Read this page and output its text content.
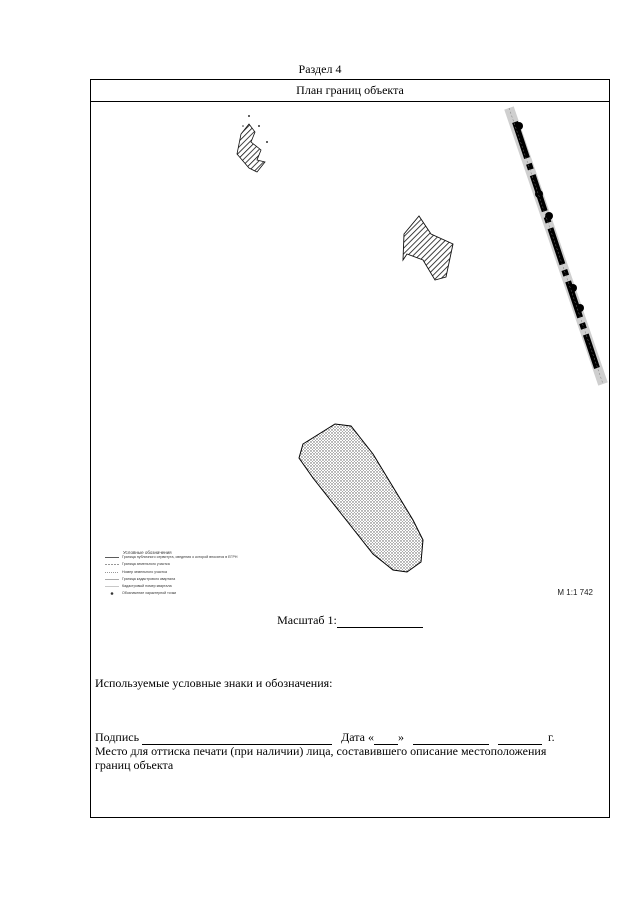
Раздел 4
План границ объекта
Условные обозначения
Граница публичного сервитута, сведения о которой вносятся в ЕГРН
Граница земельного участка
Номер земельного участка
Граница кадастрового квартала
Кадастровый номер квартала
Обозначение характерной точки	М 1:1 742
Масштаб 1:
Используемые условные знаки и обозначения:
Подпись	Дата « »	г.
Место для оттиска печати (при наличии) лица, составившего описание местоположения границ объекта
